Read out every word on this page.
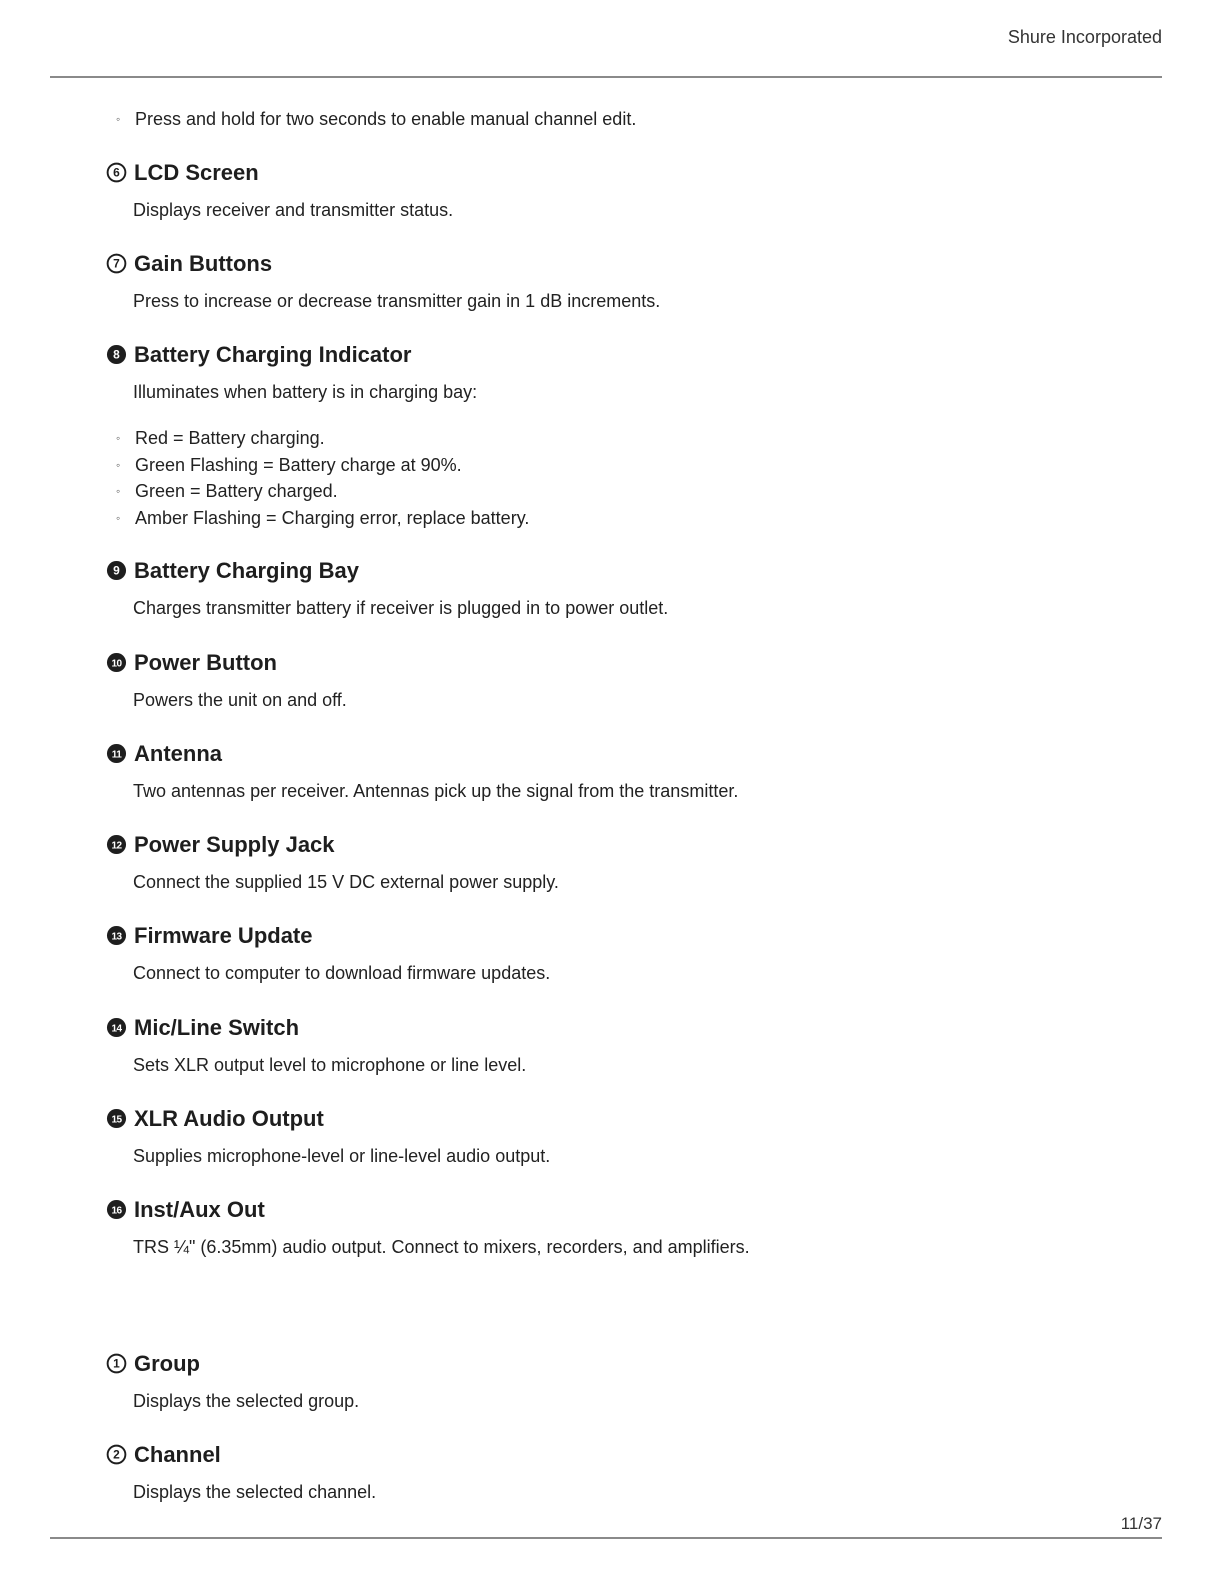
Shure Incorporated
◦ Press and hold for two seconds to enable manual channel edit.
6 LCD Screen
Displays receiver and transmitter status.
7 Gain Buttons
Press to increase or decrease transmitter gain in 1 dB increments.
8 Battery Charging Indicator
Illuminates when battery is in charging bay:
◦ Red = Battery charging.
◦ Green Flashing = Battery charge at 90%.
◦ Green = Battery charged.
◦ Amber Flashing = Charging error, replace battery.
9 Battery Charging Bay
Charges transmitter battery if receiver is plugged in to power outlet.
10 Power Button
Powers the unit on and off.
11 Antenna
Two antennas per receiver. Antennas pick up the signal from the transmitter.
12 Power Supply Jack
Connect the supplied 15 V DC external power supply.
13 Firmware Update
Connect to computer to download firmware updates.
14 Mic/Line Switch
Sets XLR output level to microphone or line level.
15 XLR Audio Output
Supplies microphone-level or line-level audio output.
16 Inst/Aux Out
TRS ¼" (6.35mm) audio output. Connect to mixers, recorders, and amplifiers.
1 Group
Displays the selected group.
2 Channel
Displays the selected channel.
11/37
